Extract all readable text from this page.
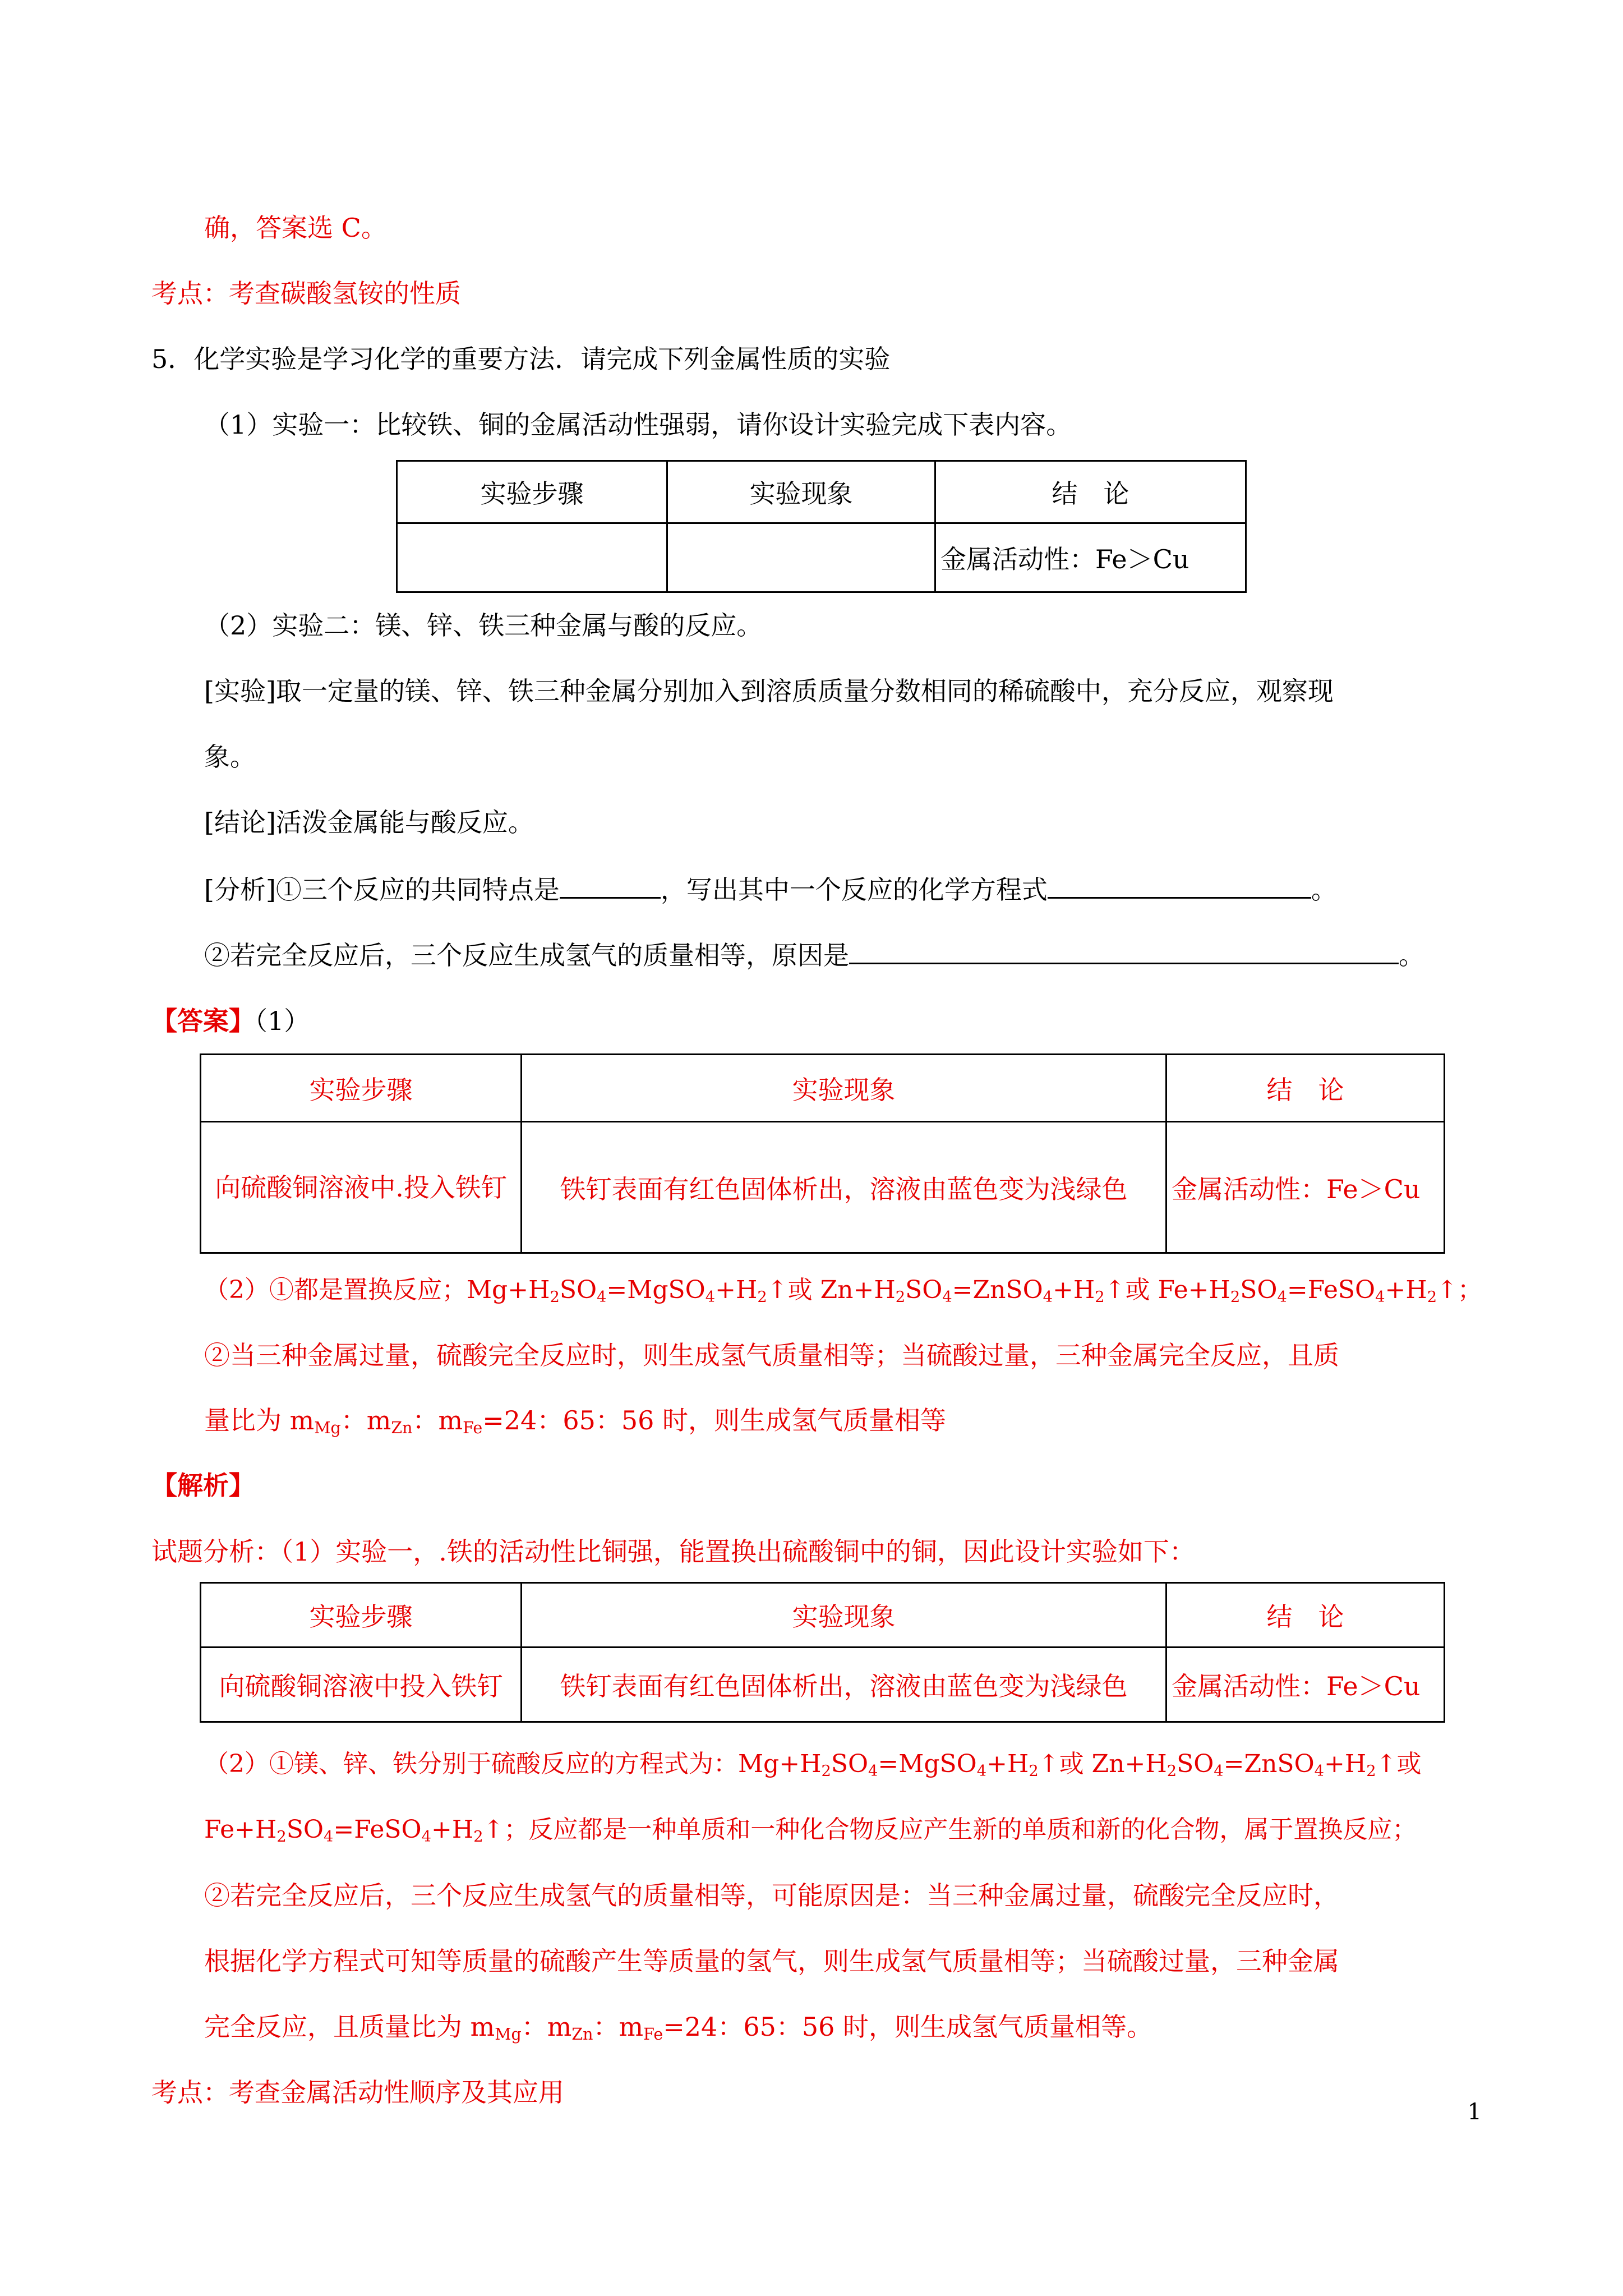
确，答案选 C。
考点：考查碳酸氢铵的性质
5．化学实验是学习化学的重要方法．请完成下列金属性质的实验
（1）实验一：比较铁、铜的金属活动性强弱，请你设计实验完成下表内容。
实验步骤	实验现象	结　论
		金属活动性：Fe＞Cu
（2）实验二：镁、锌、铁三种金属与酸的反应。
[实验]取一定量的镁、锌、铁三种金属分别加入到溶质质量分数相同的稀硫酸中，充分反应，观察现
象。
[结论]活泼金属能与酸反应。
[分析]①三个反应的共同特点是	，写出其中一个反应的化学方程式	。
②若完全反应后，三个反应生成氢气的质量相等，原因是	。
【答案】（1）
实验步骤	实验现象	结　论
向硫酸铜溶液中.投入铁钉	铁钉表面有红色固体析出，溶液由蓝色变为浅绿色	金属活动性：Fe＞Cu
（2）①都是置换反应；$Mg+H_2SO_4=MgSO_4+H_2↑$或 $Zn+H_2SO_4=ZnSO_4+H_2↑$或 $Fe+H_2SO_4=FeSO_4+H_2↑$；
②当三种金属过量，硫酸完全反应时，则生成氢气质量相等；当硫酸过量，三种金属完全反应，且质
量比为 $m_{Mg}$：$m_{Zn}$：$m_{Fe}=24$：65：56 时，则生成氢气质量相等
【解析】
试题分析：（1）实验一，.铁的活动性比铜强，能置换出硫酸铜中的铜，因此设计实验如下：
实验步骤	实验现象	结　论
向硫酸铜溶液中投入铁钉	铁钉表面有红色固体析出，溶液由蓝色变为浅绿色	金属活动性：Fe＞Cu
（2）①镁、锌、铁分别于硫酸反应的方程式为：$Mg+H_2SO_4=MgSO_4+H_2↑$或 $Zn+H_2SO_4=ZnSO_4+H_2↑$或
$Fe+H_2SO_4=FeSO_4+H_2↑$；反应都是一种单质和一种化合物反应产生新的单质和新的化合物，属于置换反应；
②若完全反应后，三个反应生成氢气的质量相等，可能原因是：当三种金属过量，硫酸完全反应时，
根据化学方程式可知等质量的硫酸产生等质量的氢气，则生成氢气质量相等；当硫酸过量，三种金属
完全反应，且质量比为 $m_{Mg}$：$m_{Zn}$：$m_{Fe}=24$：65：56 时，则生成氢气质量相等。
考点：考查金属活动性顺序及其应用
1
